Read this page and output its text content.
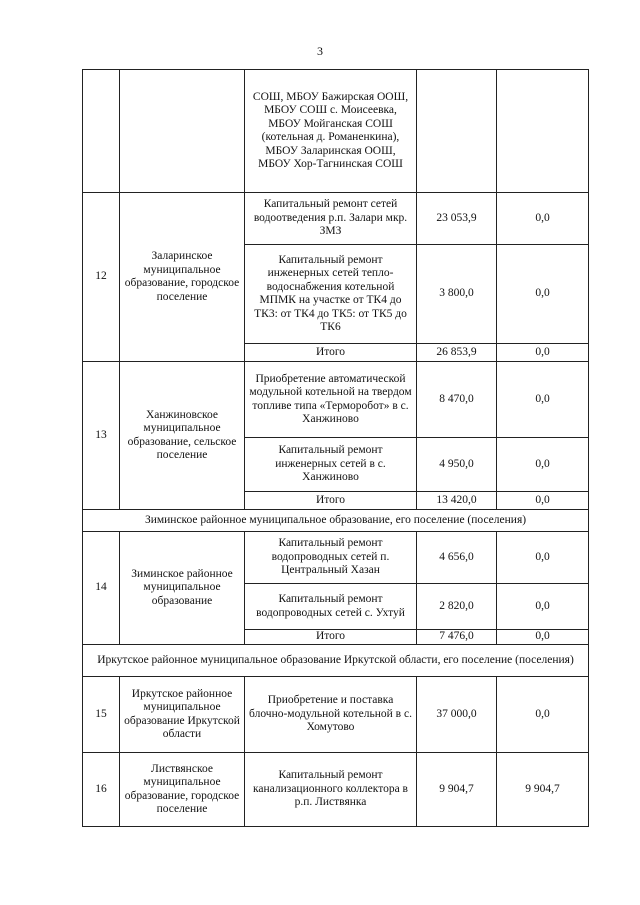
3
		СОШ, МБОУ Бажирская ООШ, МБОУ СОШ с. Моисеевка, МБОУ Мойганская СОШ (котельная д. Романенкина), МБОУ Заларинская ООШ, МБОУ Хор-Тагнинская СОШ		
12	Заларинское муниципальное образование, городское поселение	Капитальный ремонт сетей водоотведения р.п. Залари мкр. ЗМЗ	23 053,9	0,0
		Капитальный ремонт инженерных сетей тепло-водоснабжения котельной МПМК на участке от ТК4 до ТК3: от ТК4 до ТК5: от ТК5 до ТК6	3 800,0	0,0
		Итого	26 853,9	0,0
13	Ханжиновское муниципальное образование, сельское поселение	Приобретение автоматической модульной котельной на твердом топливе типа «Терморобот» в с. Ханжиново	8 470,0	0,0
		Капитальный ремонт инженерных сетей в с. Ханжиново	4 950,0	0,0
		Итого	13 420,0	0,0
Зиминское районное муниципальное образование, его поселение (поселения)				
14	Зиминское районное муниципальное образование	Капитальный ремонт водопроводных сетей п. Центральный Хазан	4 656,0	0,0
		Капитальный ремонт водопроводных сетей с. Ухтуй	2 820,0	0,0
		Итого	7 476,0	0,0
Иркутское районное муниципальное образование Иркутской области, его поселение (поселения)				
15	Иркутское районное муниципальное образование Иркутской области	Приобретение и поставка блочно-модульной котельной в с. Хомутово	37 000,0	0,0
16	Листвянское муниципальное образование, городское поселение	Капитальный ремонт канализационного коллектора в р.п. Листвянка	9 904,7	9 904,7
